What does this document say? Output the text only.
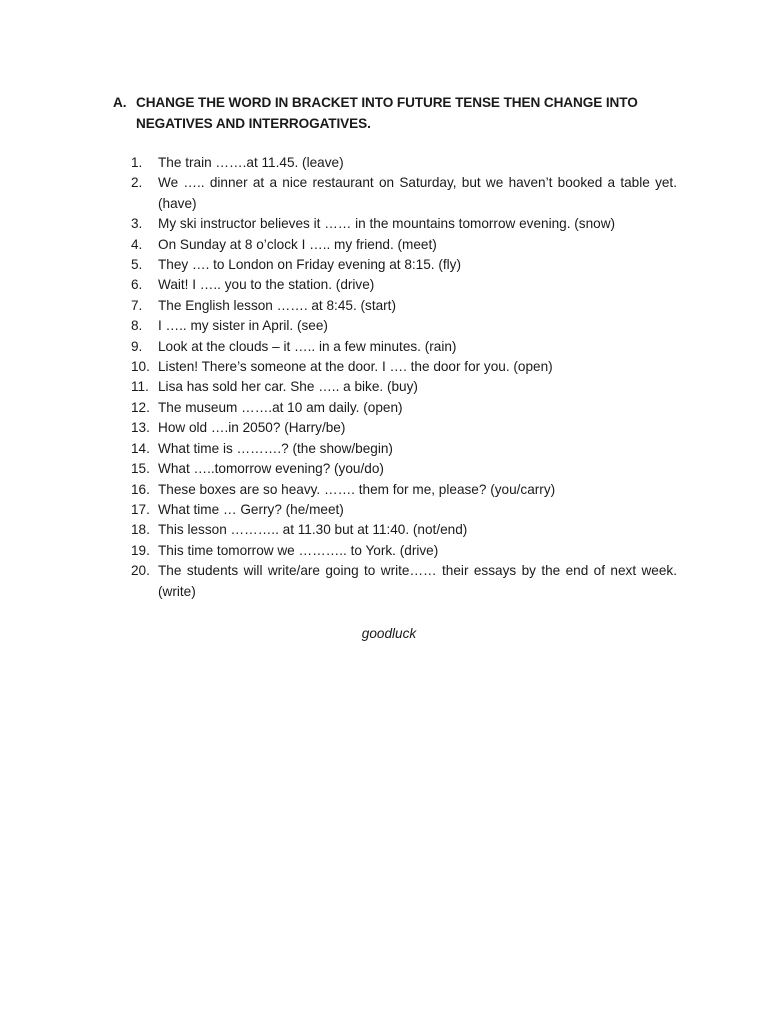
A. CHANGE THE WORD IN BRACKET INTO FUTURE TENSE THEN CHANGE INTO NEGATIVES AND INTERROGATIVES.
1.	The train …….at 11.45. (leave)
2.	We ….. dinner at a nice restaurant on Saturday, but we haven’t booked a table yet. (have)
3.	My ski instructor believes it …… in the mountains tomorrow evening. (snow)
4.	On Sunday at 8 o’clock I ….. my friend. (meet)
5.	They …. to London on Friday evening at 8:15. (fly)
6.	Wait! I ….. you to the station. (drive)
7.	The English lesson ……. at 8:45. (start)
8.	I ….. my sister in April. (see)
9.	Look at the clouds – it ….. in a few minutes. (rain)
10. Listen! There’s someone at the door. I …. the door for you. (open)
11. Lisa has sold her car. She ….. a bike. (buy)
12. The museum …….at 10 am daily. (open)
13. How old ….in 2050? (Harry/be)
14. What time is ……….? (the show/begin)
15. What …..tomorrow evening? (you/do)
16. These boxes are so heavy. ……. them for me, please? (you/carry)
17. What time … Gerry? (he/meet)
18. This lesson ……….. at 11.30 but at 11:40. (not/end)
19. This time tomorrow we ……….. to York. (drive)
20. The students will write/are going to write…… their essays by the end of next week. (write)
goodluck
